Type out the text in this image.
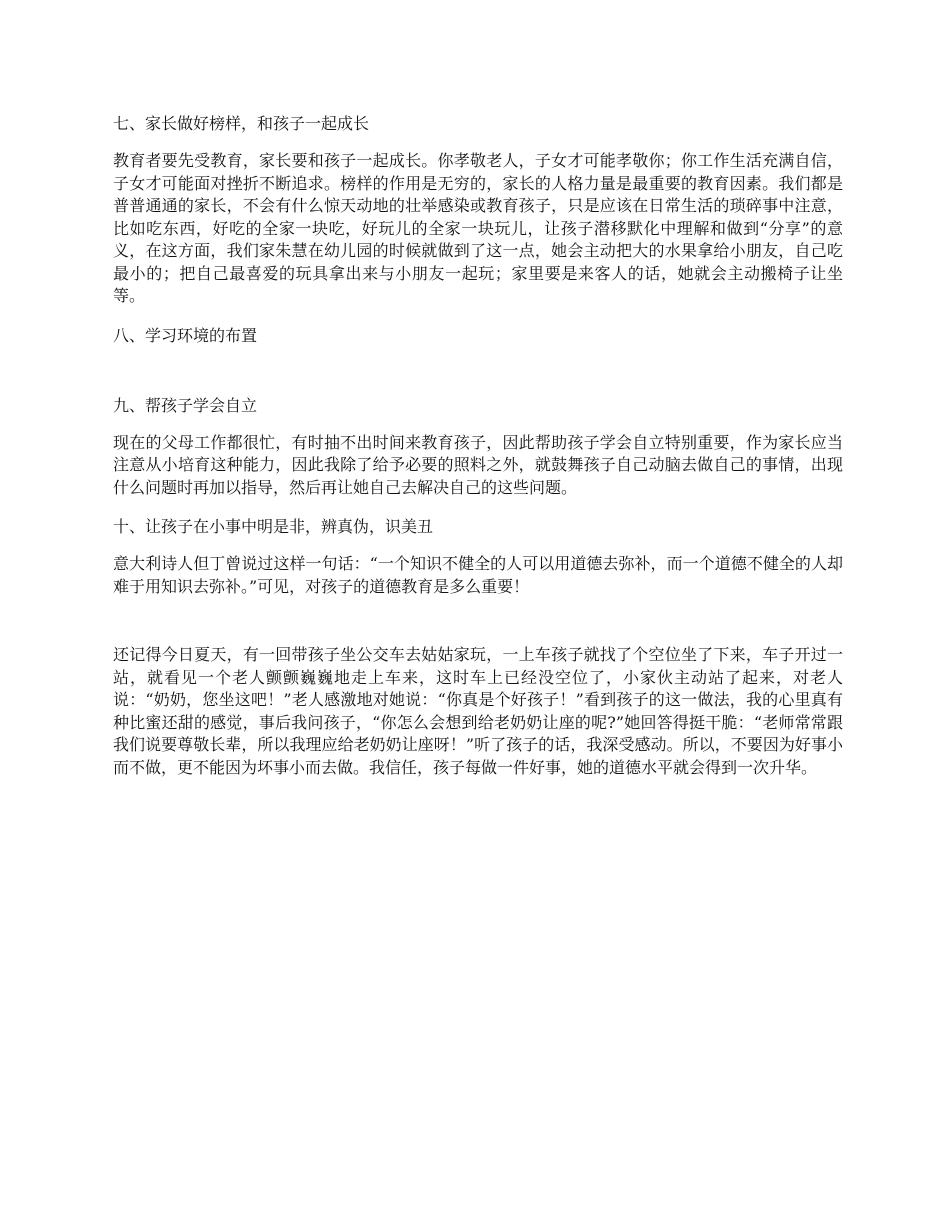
七、家长做好榜样，和孩子一起成长

教育者要先受教育，家长要和孩子一起成长。你孝敬老人，子女才可能孝敬你；你工作生活充满自信，子女才可能面对挫折不断追求。榜样的作用是无穷的，家长的人格力量是最重要的教育因素。我们都是普普通通的家长，不会有什么惊天动地的壮举感染或教育孩子，只是应该在日常生活的琐碎事中注意，比如吃东西，好吃的全家一块吃，好玩儿的全家一块玩儿，让孩子潜移默化中理解和做到“分享”的意义，在这方面，我们家朱慧在幼儿园的时候就做到了这一点，她会主动把大的水果拿给小朋友，自己吃最小的；把自己最喜爱的玩具拿出来与小朋友一起玩；家里要是来客人的话，她就会主动搬椅子让坐等。

八、学习环境的布置
九、帮孩子学会自立

现在的父母工作都很忙，有时抽不出时间来教育孩子，因此帮助孩子学会自立特别重要，作为家长应当注意从小培育这种能力，因此我除了给予必要的照料之外，就鼓舞孩子自己动脑去做自己的事情，出现什么问题时再加以指导，然后再让她自己去解决自己的这些问题。

十、让孩子在小事中明是非，辨真伪，识美丑

意大利诗人但丁曾说过这样一句话：“一个知识不健全的人可以用道德去弥补，而一个道德不健全的人却难于用知识去弥补。”可见，对孩子的道德教育是多么重要！

还记得今日夏天，有一回带孩子坐公交车去姑姑家玩，一上车孩子就找了个空位坐了下来，车子开过一站，就看见一个老人颤颤巍巍地走上车来，这时车上已经没空位了，小家伙主动站了起来，对老人说：“奶奶，您坐这吧！”老人感激地对她说：“你真是个好孩子！”看到孩子的这一做法，我的心里真有种比蜜还甜的感觉，事后我问孩子，“你怎么会想到给老奶奶让座的呢?”她回答得挺干脆：“老师常常跟我们说要尊敬长辈，所以我理应给老奶奶让座呀！”听了孩子的话，我深受感动。所以，不要因为好事小而不做，更不能因为坏事小而去做。我信任，孩子每做一件好事，她的道德水平就会得到一次升华。
